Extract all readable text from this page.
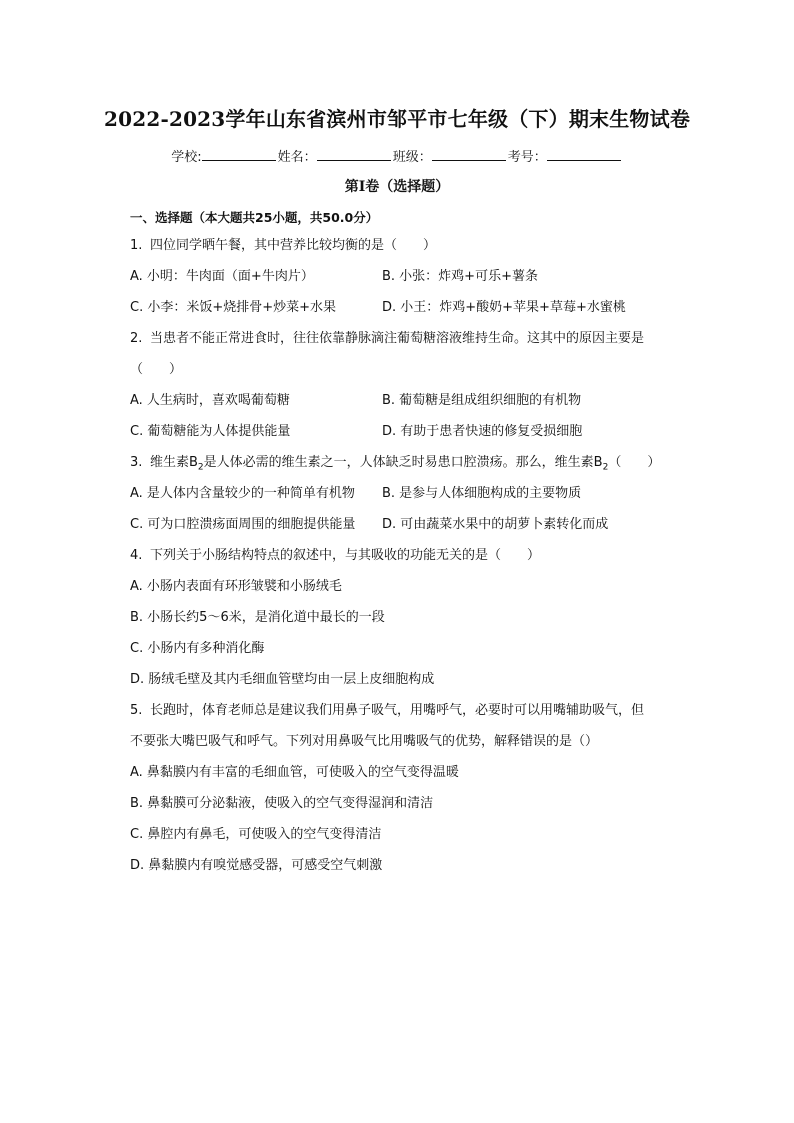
2022-2023学年山东省滨州市邹平市七年级（下）期末生物试卷
学校:	姓名：	班级：	考号：
第Ⅰ卷（选择题）
一、选择题（本大题共25小题，共50.0分）
1. 四位同学晒午餐，其中营养比较均衡的是（　　）
A. 小明：牛肉面（面+牛肉片）	B. 小张：炸鸡+可乐+薯条
C. 小李：米饭+烧排骨+炒菜+水果	D. 小王：炸鸡+酸奶+苹果+草莓+水蜜桃
2. 当患者不能正常进食时，往往依靠静脉滴注葡萄糖溶液维持生命。这其中的原因主要是
（　　）
A. 人生病时，喜欢喝葡萄糖	B. 葡萄糖是组成组织细胞的有机物
C. 葡萄糖能为人体提供能量	D. 有助于患者快速的修复受损细胞
3. 维生素$B_2$是人体必需的维生素之一，人体缺乏时易患口腔溃疡。那么，维生素$B_2$（　　）
A. 是人体内含量较少的一种简单有机物	B. 是参与人体细胞构成的主要物质
C. 可为口腔溃疡面周围的细胞提供能量	D. 可由蔬菜水果中的胡萝卜素转化而成
4. 下列关于小肠结构特点的叙述中，与其吸收的功能无关的是（　　）
A. 小肠内表面有环形皱襞和小肠绒毛
B. 小肠长约5～6米，是消化道中最长的一段
C. 小肠内有多种消化酶
D. 肠绒毛壁及其内毛细血管壁均由一层上皮细胞构成
5. 长跑时，体育老师总是建议我们用鼻子吸气，用嘴呼气，必要时可以用嘴辅助吸气，但
不要张大嘴巴吸气和呼气。下列对用鼻吸气比用嘴吸气的优势，解释错误的是（）
A. 鼻黏膜内有丰富的毛细血管，可使吸入的空气变得温暖
B. 鼻黏膜可分泌黏液，使吸入的空气变得湿润和清洁
C. 鼻腔内有鼻毛，可使吸入的空气变得清洁
D. 鼻黏膜内有嗅觉感受器，可感受空气刺激
